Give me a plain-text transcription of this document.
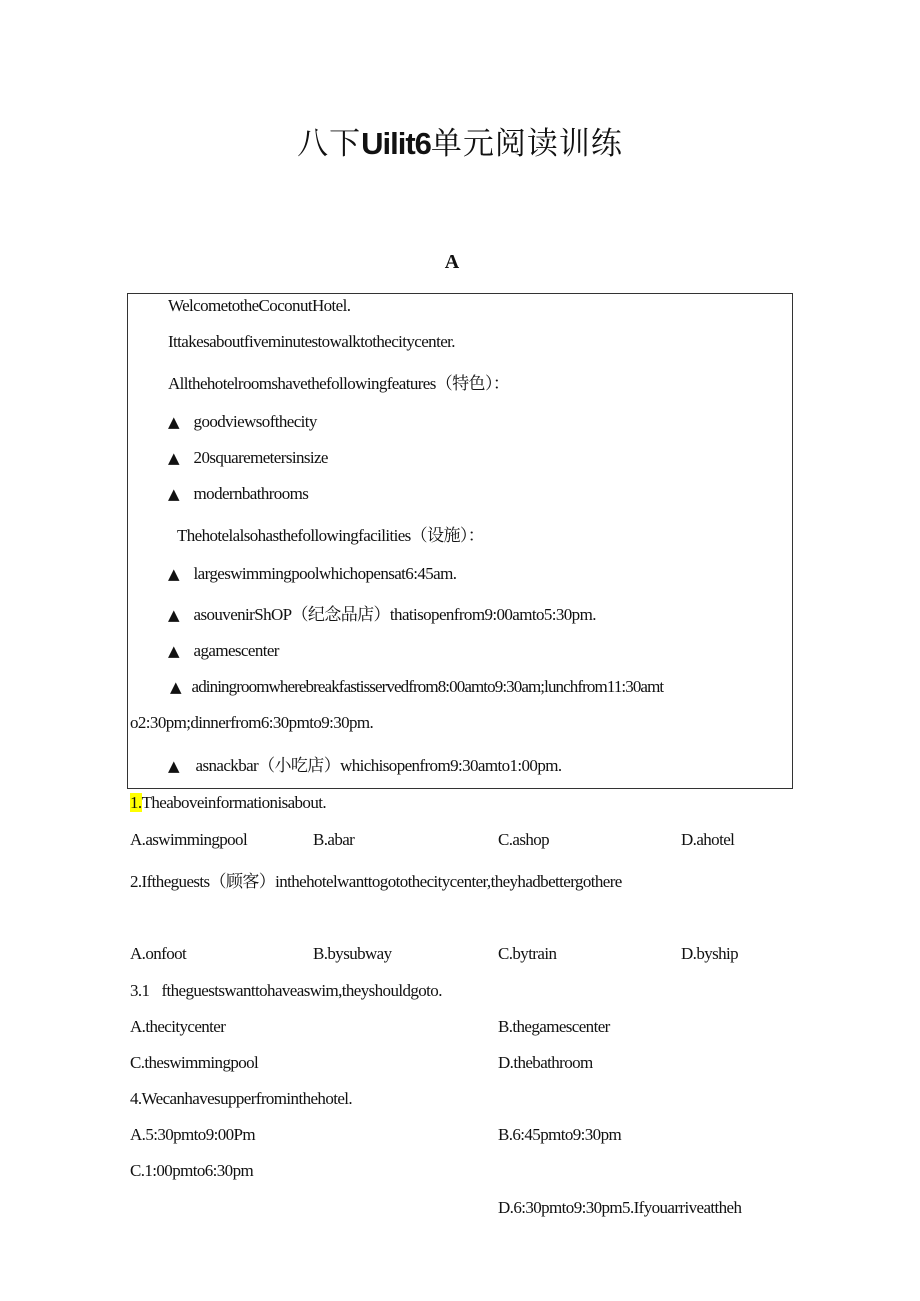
八下Uilit6单元阅读训练
A
WelcometotheCoconutHotel.
Ittakesaboutfiveminutestowalktothecitycenter.
Allthehotelroomshavethefollowingfeatures（特色）：
▲ goodviewsofthecity
▲ 20squaremetersinsize
▲ modernbathrooms
Thehotelalsohasthefollowingfacilities（设施）：
▲ largeswimmingpoolwhichopensat6:45am.
▲ asouvenirShOP（纪念品店）thatisopenfrom9:00amto5:30pm.
▲ agamescenter
▲ adiningroomwherebreakfastisservedfrom8:00amto9:30am;lunchfrom11:30amt
o2:30pm;dinnerfrom6:30pmto9:30pm.
▲ asnackbar（小吃店）whichisopenfrom9:30amto1:00pm.
1.Theaboveinformationisabout.
A.aswimmingpool	B.abar	C.ashop	D.ahotel
2.Iftheguests（顾客）inthehotelwanttogotothecitycenter,theyhadbettergothere
A.onfoot	B.bysubway	C.bytrain	D.byship
3.1 ftheguestswanttohaveaswim,theyshouldgoto.
A.thecitycenter	B.thegamescenter
C.theswimmingpool	D.thebathroom
4.Wecanhavesupperfrominthehotel.
A.5:30pmto9:00Pm	B.6:45pmto9:30pm
C.1:00pmto6:30pm
D.6:30pmto9:30pm5.Ifyouarriveattheh
